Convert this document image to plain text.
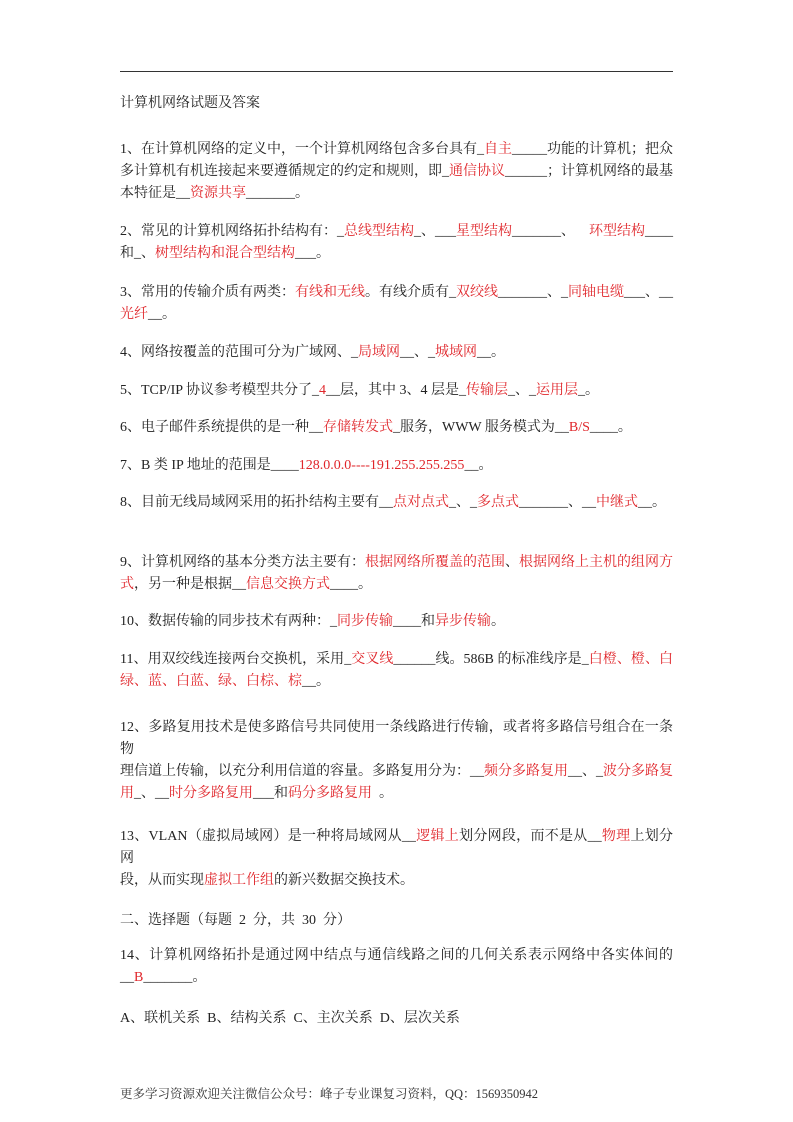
计算机网络试题及答案
1、在计算机网络的定义中，一个计算机网络包含多台具有_自主_____功能的计算机；把众
多计算机有机连接起来要遵循规定的约定和规则，即_通信协议______；计算机网络的最基
本特征是__资源共享_______。
2、常见的计算机网络拓扑结构有：_总线型结构_、___星型结构_______、    环型结构____
和_、树型结构和混合型结构___。
3、常用的传输介质有两类：有线和无线。有线介质有_双绞线_______、_同轴电缆___、__
光纤__。
4、网络按覆盖的范围可分为广域网、_局域网__、_城域网__。
5、TCP/IP 协议参考模型共分了_4__层，其中 3、4 层是_传输层_、_运用层_。
6、电子邮件系统提供的是一种__存储转发式_服务，WWW 服务模式为__B/S____。
7、B 类 IP 地址的范围是____128.0.0.0----191.255.255.255__。
8、目前无线局域网采用的拓扑结构主要有__点对点式_、_多点式_______、__中继式__。
9、计算机网络的基本分类方法主要有：根据网络所覆盖的范围、根据网络上主机的组网方
式，另一种是根据__信息交换方式____。
10、数据传输的同步技术有两种：_同步传输____和异步传输。
11、用双绞线连接两台交换机，采用_交叉线______线。586B 的标准线序是_白橙、橙、白
绿、蓝、白蓝、绿、白棕、棕__。
12、多路复用技术是使多路信号共同使用一条线路进行传输，或者将多路信号组合在一条物
理信道上传输，以充分利用信道的容量。多路复用分为：__频分多路复用__、_波分多路复
用_、__时分多路复用___和码分多路复用  。
13、VLAN（虚拟局域网）是一种将局域网从__逻辑上划分网段，而不是从__物理上划分网
段，从而实现虚拟工作组的新兴数据交换技术。
二、选择题（每题  2  分，共  30  分）
14、计算机网络拓扑是通过网中结点与通信线路之间的几何关系表示网络中各实体间的
__B_______。
A、联机关系  B、结构关系  C、主次关系  D、层次关系
更多学习资源欢迎关注微信公众号：峰子专业课复习资料，QQ：1569350942
